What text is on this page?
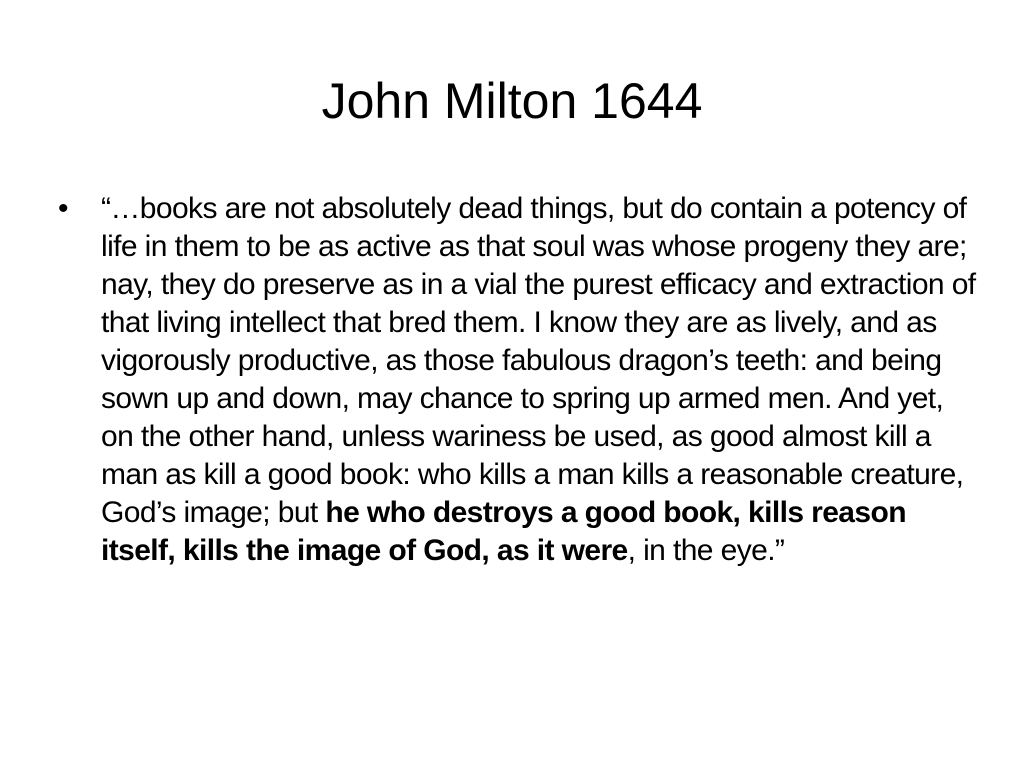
John Milton 1644
• “…books are not absolutely dead things, but do contain a potency of life in them to be as active as that soul was whose progeny they are; nay, they do preserve as in a vial the purest efficacy and extraction of that living intellect that bred them. I know they are as lively, and as vigorously productive, as those fabulous dragon’s teeth: and being sown up and down, may chance to spring up armed men. And yet, on the other hand, unless wariness be used, as good almost kill a man as kill a good book: who kills a man kills a reasonable creature, God’s image; but he who destroys a good book, kills reason itself, kills the image of God, as it were, in the eye.”
